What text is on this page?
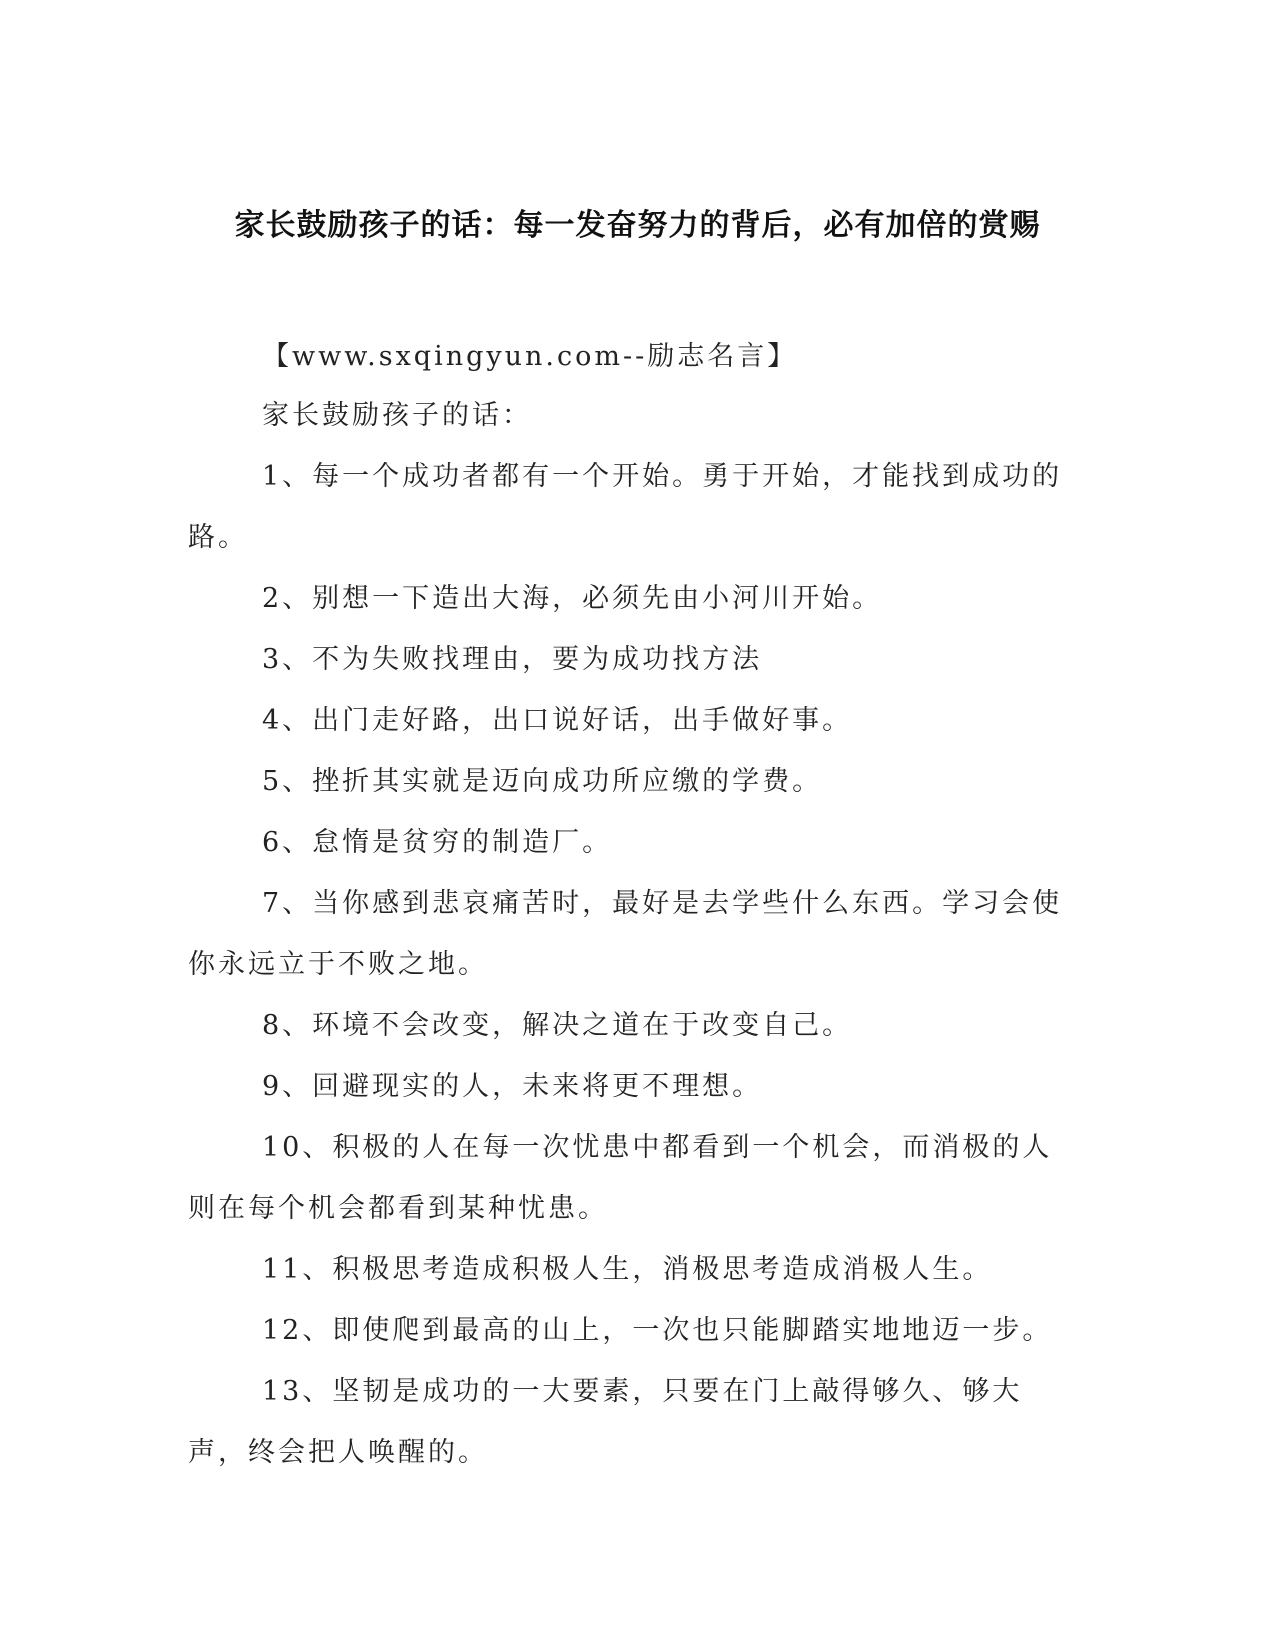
家长鼓励孩子的话：每一发奋努力的背后，必有加倍的赏赐

【www.sxqingyun.com--励志名言】

家长鼓励孩子的话：

1、每一个成功者都有一个开始。勇于开始，才能找到成功的路。

2、别想一下造出大海，必须先由小河川开始。

3、不为失败找理由，要为成功找方法

4、出门走好路，出口说好话，出手做好事。

5、挫折其实就是迈向成功所应缴的学费。

6、怠惰是贫穷的制造厂。

7、当你感到悲哀痛苦时，最好是去学些什么东西。学习会使你永远立于不败之地。

8、环境不会改变，解决之道在于改变自己。

9、回避现实的人，未来将更不理想。

10、积极的人在每一次忧患中都看到一个机会，而消极的人则在每个机会都看到某种忧患。

11、积极思考造成积极人生，消极思考造成消极人生。

12、即使爬到最高的山上，一次也只能脚踏实地地迈一步。

13、坚韧是成功的一大要素，只要在门上敲得够久、够大声，终会把人唤醒的。
